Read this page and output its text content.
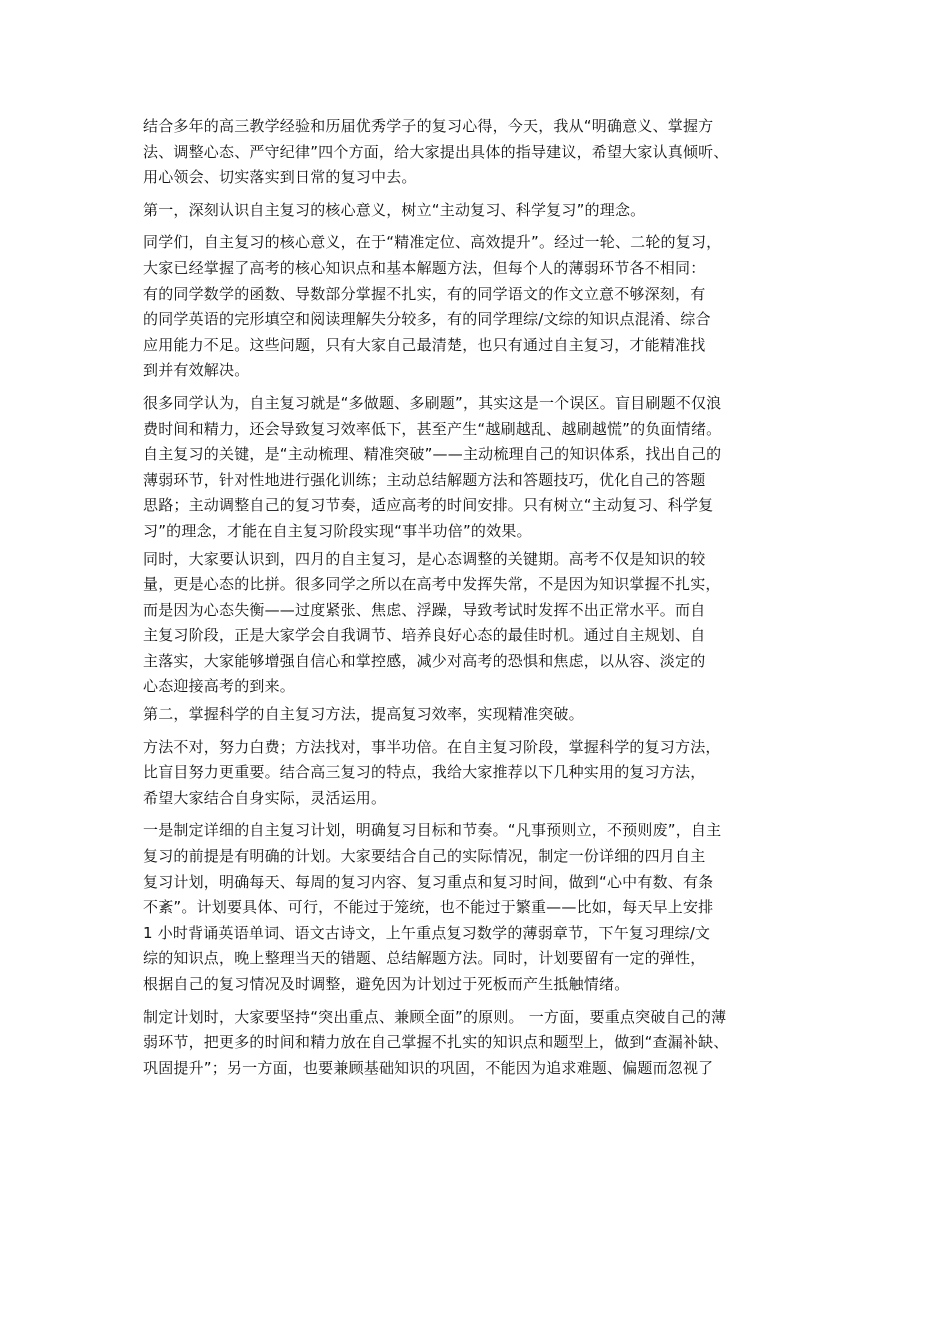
结合多年的高三教学经验和历届优秀学子的复习心得，今天，我从“明确意义、掌握方
法、调整心态、严守纪律”四个方面，给大家提出具体的指导建议，希望大家认真倾听、
用心领会、切实落实到日常的复习中去。

第一，深刻认识自主复习的核心意义，树立“主动复习、科学复习”的理念。

同学们，自主复习的核心意义，在于“精准定位、高效提升”。经过一轮、二轮的复习，
大家已经掌握了高考的核心知识点和基本解题方法，但每个人的薄弱环节各不相同：
有的同学数学的函数、导数部分掌握不扎实，有的同学语文的作文立意不够深刻，有
的同学英语的完形填空和阅读理解失分较多，有的同学理综/文综的知识点混淆、综合
应用能力不足。这些问题，只有大家自己最清楚，也只有通过自主复习，才能精准找
到并有效解决。

很多同学认为，自主复习就是“多做题、多刷题”，其实这是一个误区。盲目刷题不仅浪
费时间和精力，还会导致复习效率低下，甚至产生“越刷越乱、越刷越慌”的负面情绪。
自主复习的关键，是“主动梳理、精准突破”——主动梳理自己的知识体系，找出自己的
薄弱环节，针对性地进行强化训练；主动总结解题方法和答题技巧，优化自己的答题
思路；主动调整自己的复习节奏，适应高考的时间安排。只有树立“主动复习、科学复
习”的理念，才能在自主复习阶段实现“事半功倍”的效果。

同时，大家要认识到，四月的自主复习，是心态调整的关键期。高考不仅是知识的较
量，更是心态的比拼。很多同学之所以在高考中发挥失常，不是因为知识掌握不扎实，
而是因为心态失衡——过度紧张、焦虑、浮躁，导致考试时发挥不出正常水平。而自
主复习阶段，正是大家学会自我调节、培养良好心态的最佳时机。通过自主规划、自
主落实，大家能够增强自信心和掌控感，减少对高考的恐惧和焦虑，以从容、淡定的
心态迎接高考的到来。

第二，掌握科学的自主复习方法，提高复习效率，实现精准突破。

方法不对，努力白费；方法找对，事半功倍。在自主复习阶段，掌握科学的复习方法，
比盲目努力更重要。结合高三复习的特点，我给大家推荐以下几种实用的复习方法，
希望大家结合自身实际，灵活运用。

一是制定详细的自主复习计划，明确复习目标和节奏。“凡事预则立，不预则废”，自主
复习的前提是有明确的计划。大家要结合自己的实际情况，制定一份详细的四月自主
复习计划，明确每天、每周的复习内容、复习重点和复习时间，做到“心中有数、有条
不紊”。计划要具体、可行，不能过于笼统，也不能过于繁重——比如，每天早上安排
1 小时背诵英语单词、语文古诗文，上午重点复习数学的薄弱章节，下午复习理综/文
综的知识点，晚上整理当天的错题、总结解题方法。同时，计划要留有一定的弹性，
根据自己的复习情况及时调整，避免因为计划过于死板而产生抵触情绪。

制定计划时，大家要坚持“突出重点、兼顾全面”的原则。 一方面，要重点突破自己的薄
弱环节，把更多的时间和精力放在自己掌握不扎实的知识点和题型上，做到“查漏补缺、
巩固提升”；另一方面，也要兼顾基础知识的巩固，不能因为追求难题、偏题而忽视了
